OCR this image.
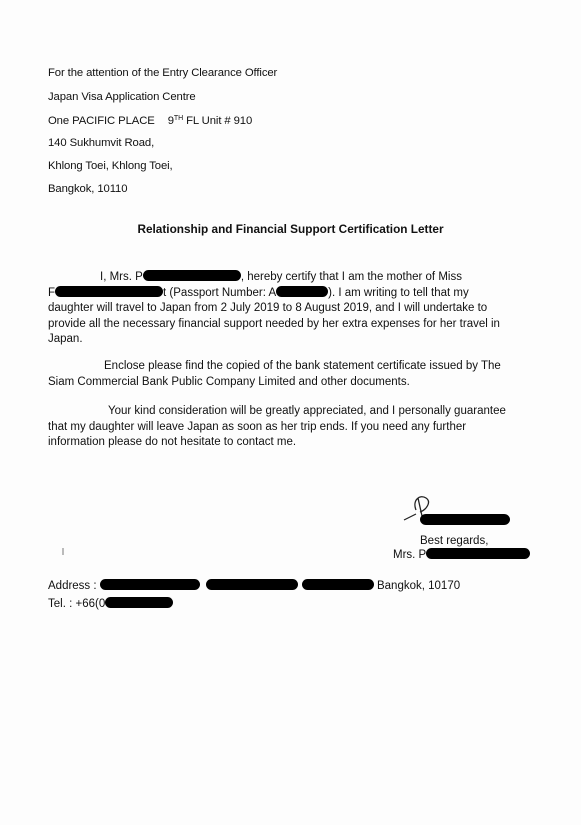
For the attention of the Entry Clearance Officer
Japan Visa Application Centre
One PACIFIC PLACE 9TH FL Unit # 910
140 Sukhumvit Road,
Khlong Toei, Khlong Toei,
Bangkok, 10110
Relationship and Financial Support Certification Letter
I, Mrs. P	, hereby certify that I am the mother of Miss
F	t (Passport Number: A	). I am writing to tell that my
daughter will travel to Japan from 2 July 2019 to 8 August 2019, and I will undertake to
provide all the necessary financial support needed by her extra expenses for her travel in
Japan.
Enclose please find the copied of the bank statement certificate issued by The
Siam Commercial Bank Public Company Limited and other documents.
Your kind consideration will be greatly appreciated, and I personally guarantee
that my daughter will leave Japan as soon as her trip ends. If you need any further
information please do not hesitate to contact me.
Best regards,
Mrs. P
Address :	Bangkok, 10170
Tel. : +66(0
